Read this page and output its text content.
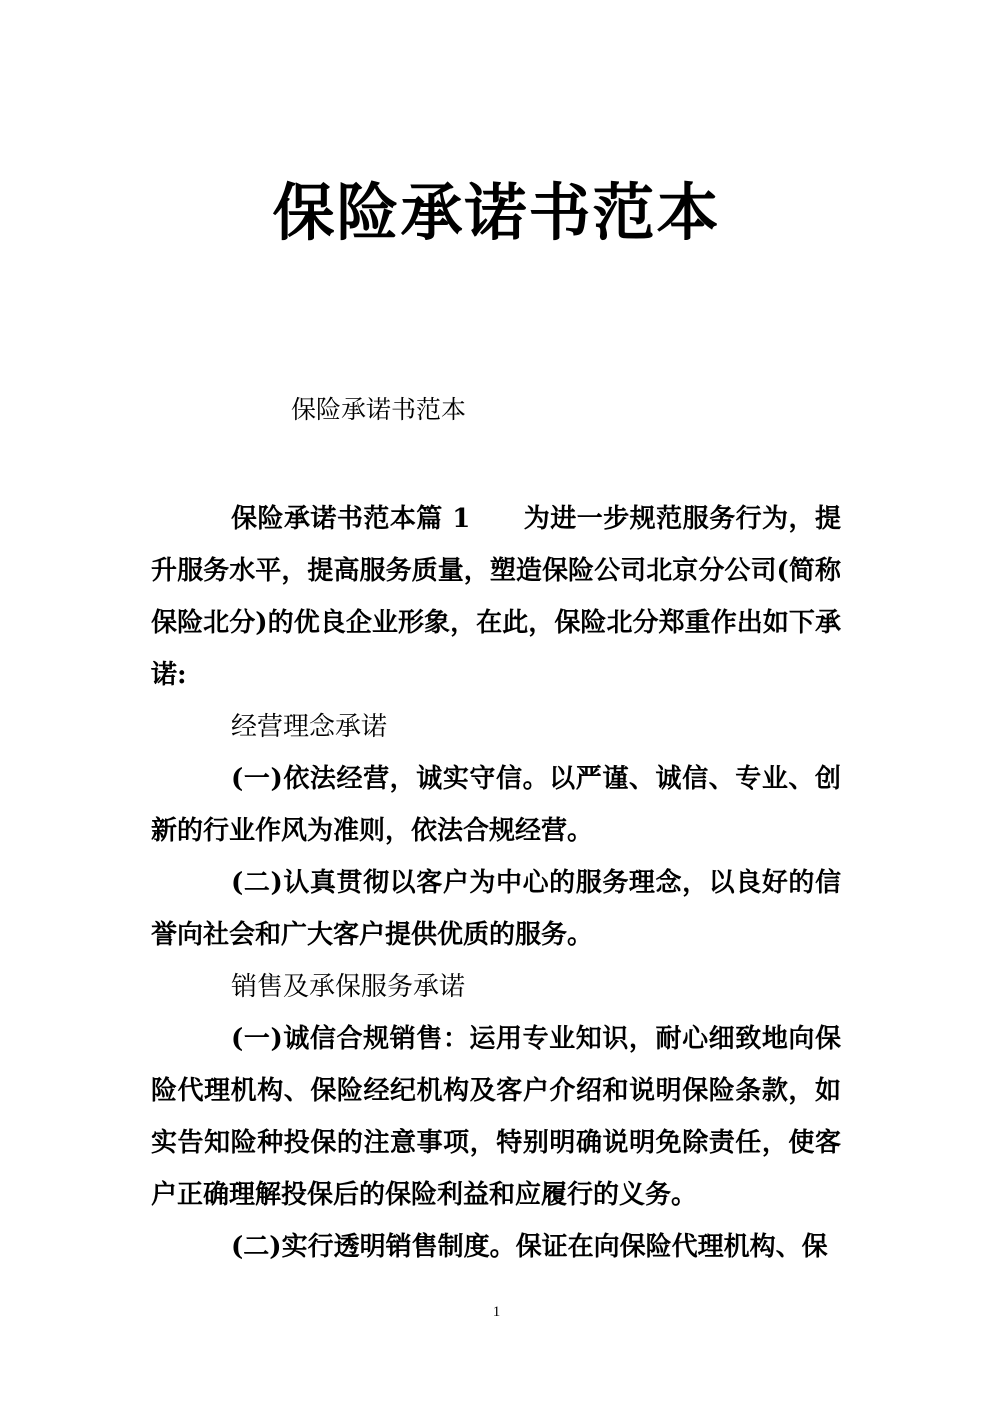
保险承诺书范本

保险承诺书范本

保险承诺书范本篇 1　　为进一步规范服务行为，提升服务水平，提高服务质量，塑造保险公司北京分公司(简称保险北分)的优良企业形象，在此，保险北分郑重作出如下承诺:

经营理念承诺

(一)依法经营，诚实守信。以严谨、诚信、专业、创新的行业作风为准则，依法合规经营。

(二)认真贯彻以客户为中心的服务理念，以良好的信誉向社会和广大客户提供优质的服务。

销售及承保服务承诺

(一)诚信合规销售：运用专业知识，耐心细致地向保险代理机构、保险经纪机构及客户介绍和说明保险条款，如实告知险种投保的注意事项，特别明确说明免除责任，使客户正确理解投保后的保险利益和应履行的义务。

(二)实行透明销售制度。保证在向保险代理机构、保

1
